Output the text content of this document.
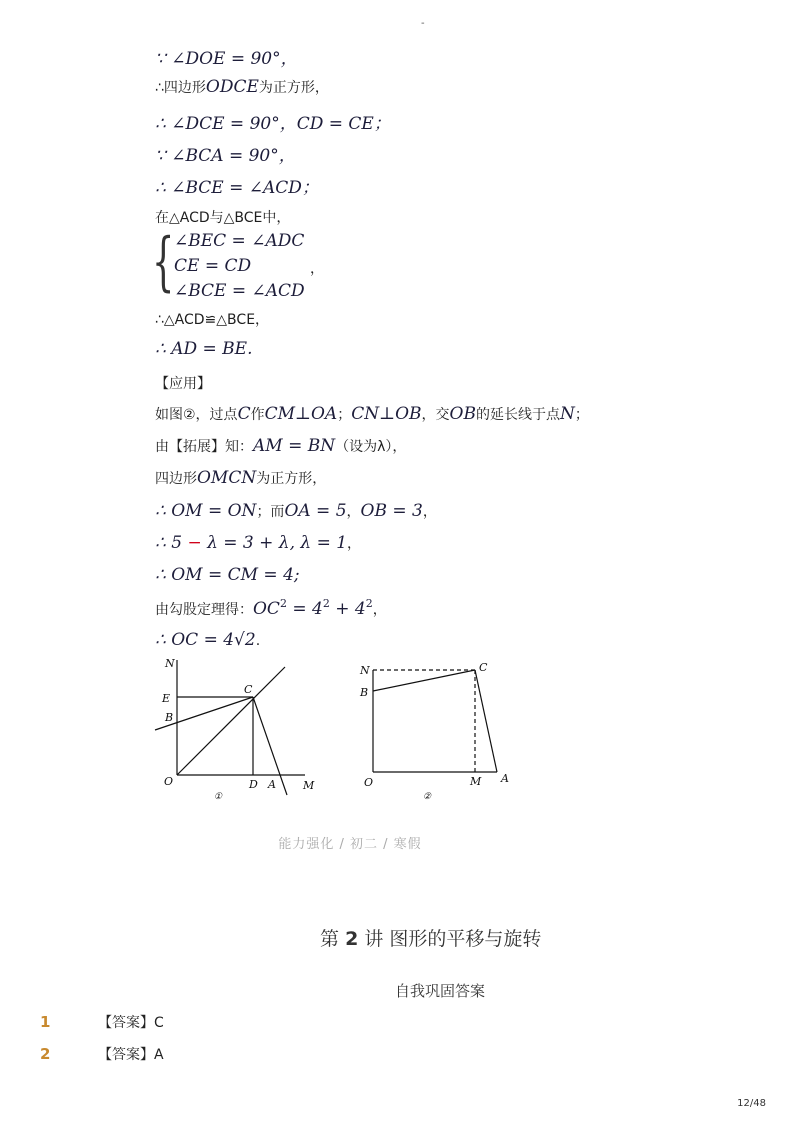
-
∵ ∠DOE = 90°，
∴四边形ODCE为正方形，
∴ ∠DCE = 90°，CD = CE；
∵ ∠BCA = 90°，
∴ ∠BCE = ∠ACD；
在△ACD与△BCE中，
{ ∠BEC = ∠ADC
CE = CD
∠BCE = ∠ACD
，
∴△ACD≌△BCE，
∴ AD = BE.
【应用】
如图②，过点C作CM⊥OA；CN⊥OB，交OB的延长线于点N；
由【拓展】知：AM = BN（设为λ），
四边形OMCN为正方形，
∴ OM = ON；而OA = 5，OB = 3，
∴ 5 − λ = 3 + λ, λ = 1，
∴ OM = CM = 4;
由勾股定理得：$OC^2 = 4^2 + 4^2$，
∴ OC = 4√2.
N
E
B
C
O	D A M
①
N
B
C
O	M A
②
能力强化 / 初二 / 寒假
第 2 讲 图形的平移与旋转
自我巩固答案
1	【答案】C
2	【答案】A
12/48
